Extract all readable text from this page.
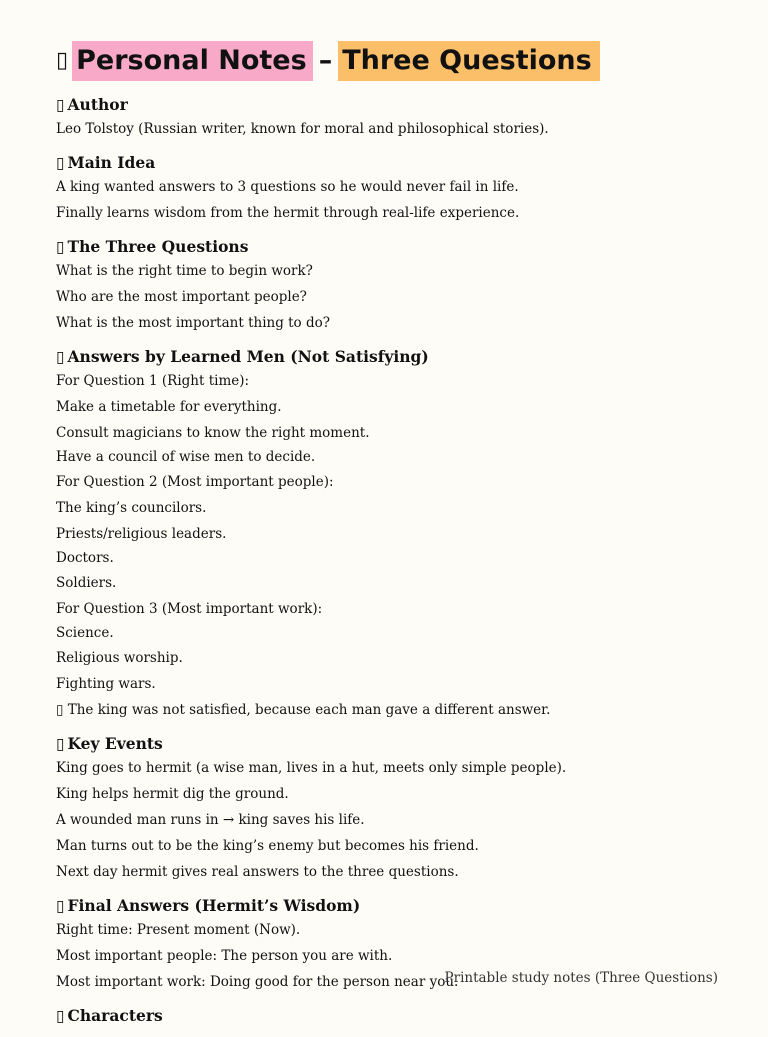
▯ Personal Notes – Three Questions
▯ Author
Leo Tolstoy (Russian writer, known for moral and philosophical stories).
▯ Main Idea
A king wanted answers to 3 questions so he would never fail in life.
Finally learns wisdom from the hermit through real-life experience.
▯ The Three Questions
What is the right time to begin work?
Who are the most important people?
What is the most important thing to do?
▯ Answers by Learned Men (Not Satisfying)
For Question 1 (Right time):
Make a timetable for everything.
Consult magicians to know the right moment.
Have a council of wise men to decide.
For Question 2 (Most important people):
The king’s councilors.
Priests/religious leaders.
Doctors.
Soldiers.
For Question 3 (Most important work):
Science.
Religious worship.
Fighting wars.
▯ The king was not satisfied, because each man gave a different answer.
▯ Key Events
King goes to hermit (a wise man, lives in a hut, meets only simple people).
King helps hermit dig the ground.
A wounded man runs in → king saves his life.
Man turns out to be the king’s enemy but becomes his friend.
Next day hermit gives real answers to the three questions.
▯ Final Answers (Hermit’s Wisdom)
Right time: Present moment (Now).
Most important people: The person you are with.
Most important work: Doing good for the person near you.
▯ Characters
Printable study notes (Three Questions)
